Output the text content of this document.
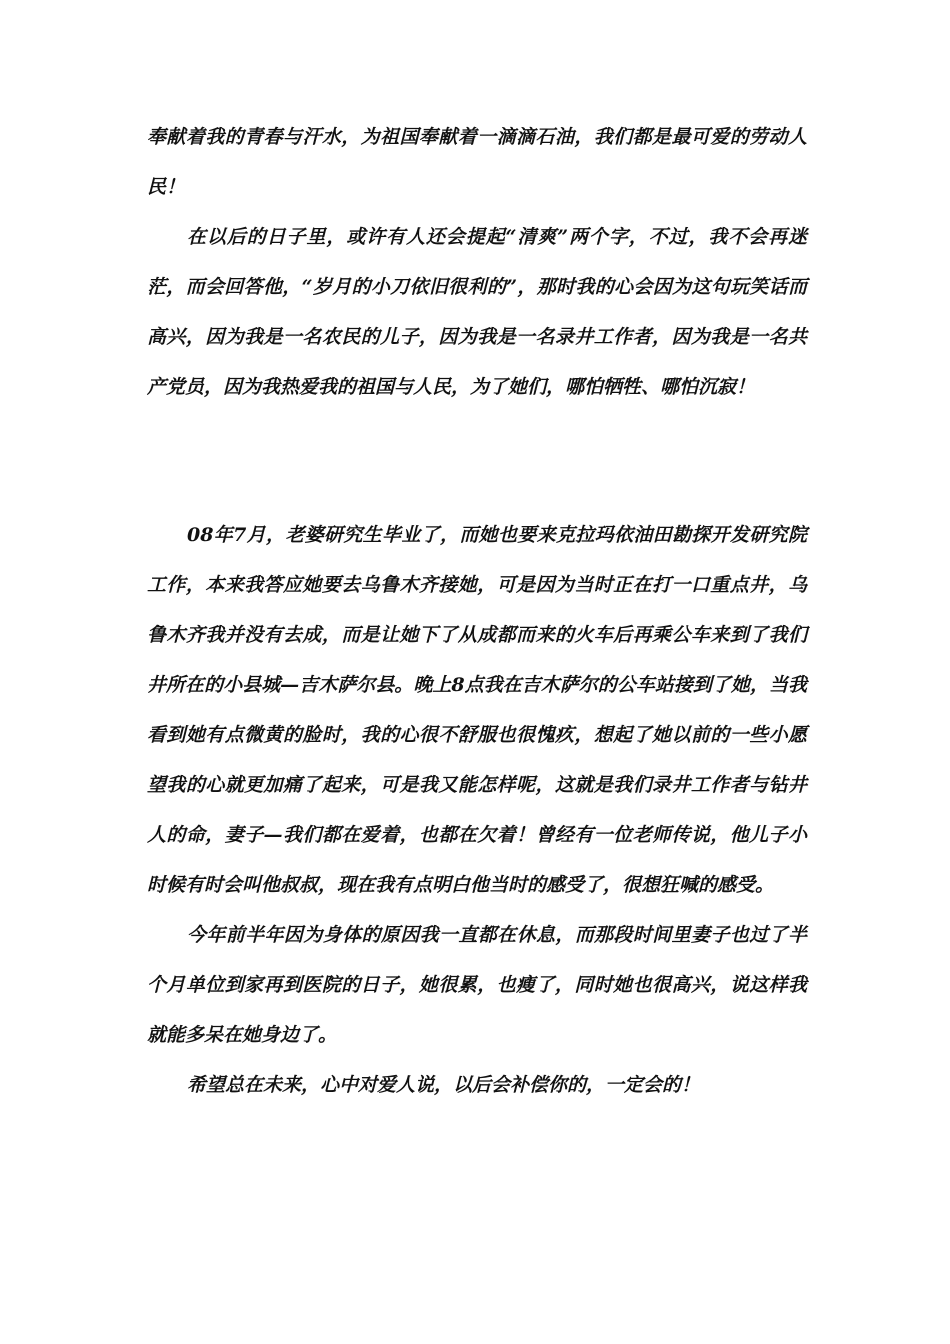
奉献着我的青春与汗水，为祖国奉献着一滴滴石油，我们都是最可爱的劳动人民！

在以后的日子里，或许有人还会提起“清爽”两个字，不过，我不会再迷茫，而会回答他，“岁月的小刀依旧很利的”，那时我的心会因为这句玩笑话而高兴，因为我是一名农民的儿子，因为我是一名录井工作者，因为我是一名共产党员，因为我热爱我的祖国与人民，为了她们，哪怕牺牲、哪怕沉寂！

08年7月，老婆研究生毕业了，而她也要来克拉玛依油田勘探开发研究院工作，本来我答应她要去乌鲁木齐接她，可是因为当时正在打一口重点井，乌鲁木齐我并没有去成，而是让她下了从成都而来的火车后再乘公车来到了我们井所在的小县城—吉木萨尔县。晚上8点我在吉木萨尔的公车站接到了她，当我看到她有点微黄的脸时，我的心很不舒服也很愧疚，想起了她以前的一些小愿望我的心就更加痛了起来，可是我又能怎样呢，这就是我们录井工作者与钻井人的命，妻子—我们都在爱着，也都在欠着！曾经有一位老师传说，他儿子小时候有时会叫他叔叔，现在我有点明白他当时的感受了，很想狂喊的感受。

今年前半年因为身体的原因我一直都在休息，而那段时间里妻子也过了半个月单位到家再到医院的日子，她很累，也瘦了，同时她也很高兴，说这样我就能多呆在她身边了。

希望总在未来，心中对爱人说，以后会补偿你的，一定会的！
